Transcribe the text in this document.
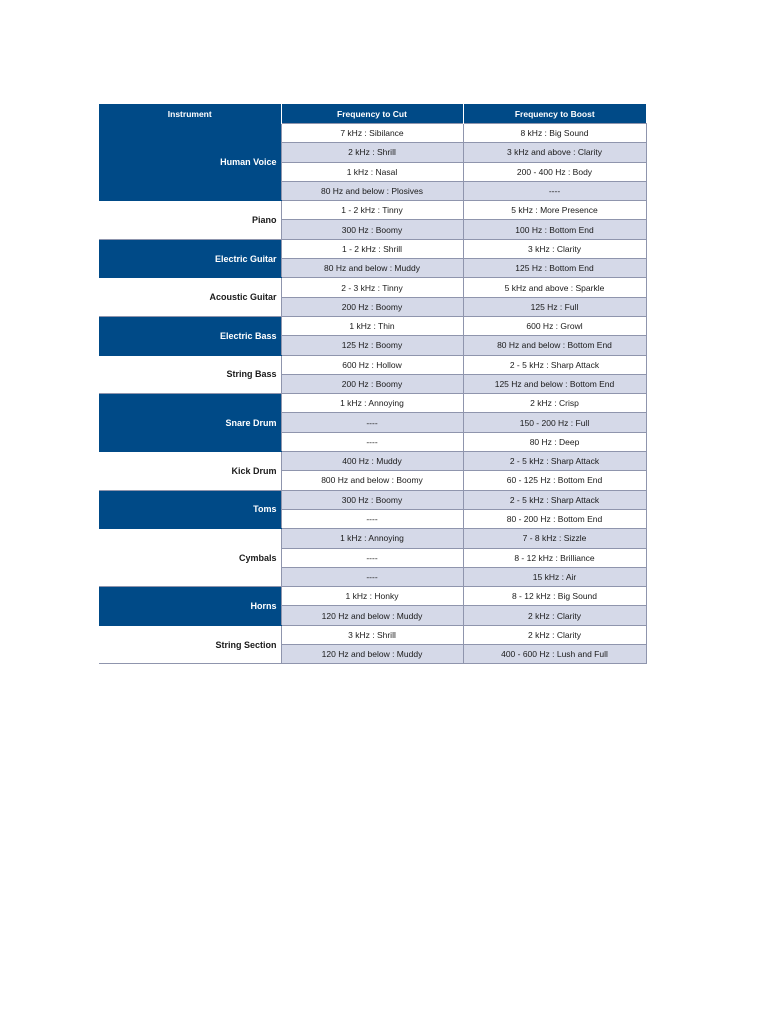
Instrument	Frequency to Cut	Frequency to Boost
Human Voice	7 kHz : Sibilance	8 kHz : Big Sound
	2 kHz : Shrill	3 kHz and above : Clarity
	1 kHz : Nasal	200 - 400 Hz : Body
	80 Hz and below : Plosives	----
Piano	1 - 2 kHz : Tinny	5 kHz : More Presence
	300 Hz : Boomy	100 Hz : Bottom End
Electric Guitar	1 - 2 kHz : Shrill	3 kHz : Clarity
	80 Hz and below : Muddy	125 Hz : Bottom End
Acoustic Guitar	2 - 3 kHz : Tinny	5 kHz and above : Sparkle
	200 Hz : Boomy	125 Hz : Full
Electric Bass	1 kHz : Thin	600 Hz : Growl
	125 Hz : Boomy	80 Hz and below : Bottom End
String Bass	600 Hz : Hollow	2 - 5 kHz : Sharp Attack
	200 Hz : Boomy	125 Hz and below : Bottom End
Snare Drum	1 kHz : Annoying	2 kHz : Crisp
	----	150 - 200 Hz : Full
	----	80 Hz : Deep
Kick Drum	400 Hz : Muddy	2 - 5 kHz : Sharp Attack
	800 Hz and below : Boomy	60 - 125 Hz : Bottom End
Toms	300 Hz : Boomy	2 - 5 kHz : Sharp Attack
	----	80 - 200 Hz : Bottom End
Cymbals	1 kHz : Annoying	7 - 8 kHz : Sizzle
	----	8 - 12 kHz : Brilliance
	----	15 kHz : Air
Horns	1 kHz : Honky	8 - 12 kHz : Big Sound
	120 Hz and below : Muddy	2 kHz : Clarity
String Section	3 kHz : Shrill	2 kHz : Clarity
	120 Hz and below : Muddy	400 - 600 Hz : Lush and Full
